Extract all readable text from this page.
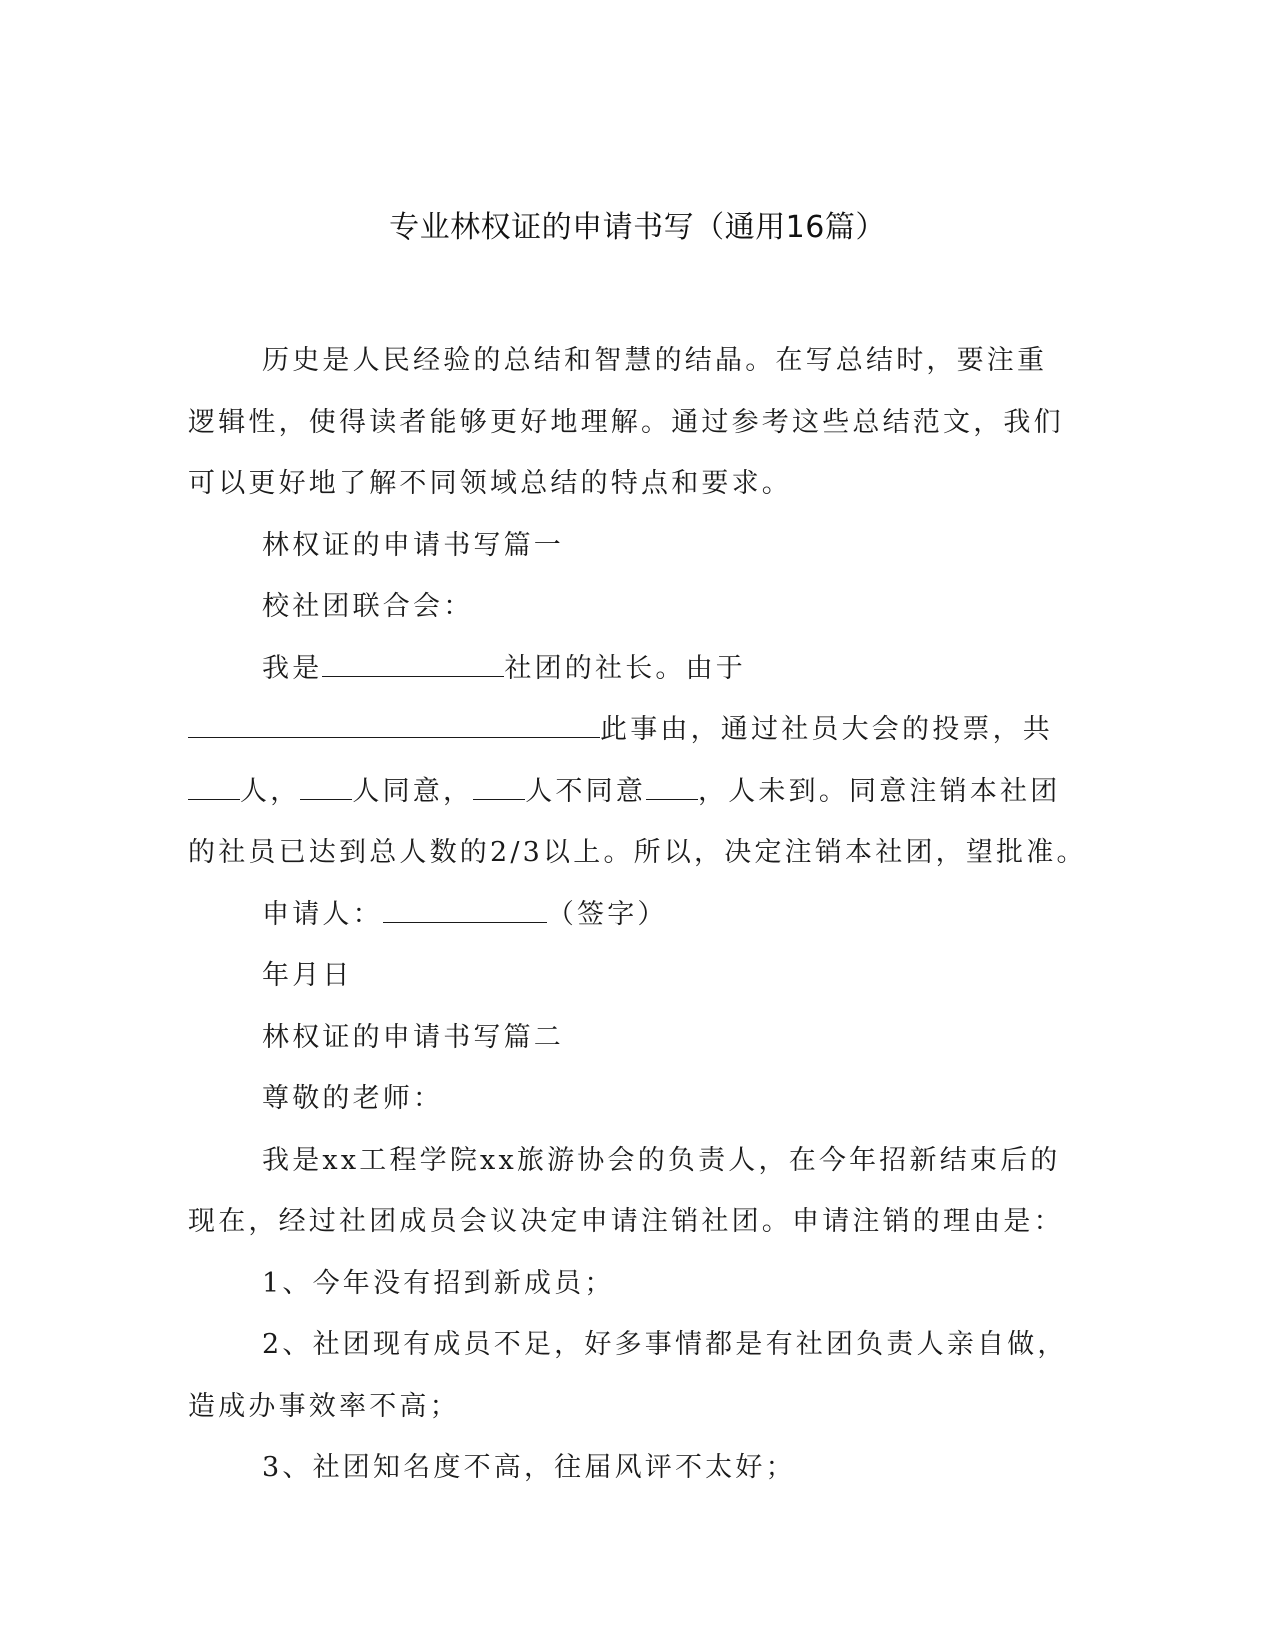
专业林权证的申请书写（通用16篇）

历史是人民经验的总结和智慧的结晶。在写总结时，要注重逻辑性，使得读者能够更好地理解。通过参考这些总结范文，我们可以更好地了解不同领域总结的特点和要求。

林权证的申请书写篇一

校社团联合会：

我是	社团的社长。由于

此事由，通过社员大会的投票，共

人， 人同意， 人不同意 ，人未到。同意注销本社团

的社员已达到总人数的2/3以上。所以，决定注销本社团，望批准。

申请人：	（签字）

年月日

林权证的申请书写篇二

尊敬的老师：

我是xx工程学院xx旅游协会的负责人，在今年招新结束后的现在，经过社团成员会议决定申请注销社团。申请注销的理由是：

1、今年没有招到新成员；

2、社团现有成员不足，好多事情都是有社团负责人亲自做，造成办事效率不高；

3、社团知名度不高，往届风评不太好；
